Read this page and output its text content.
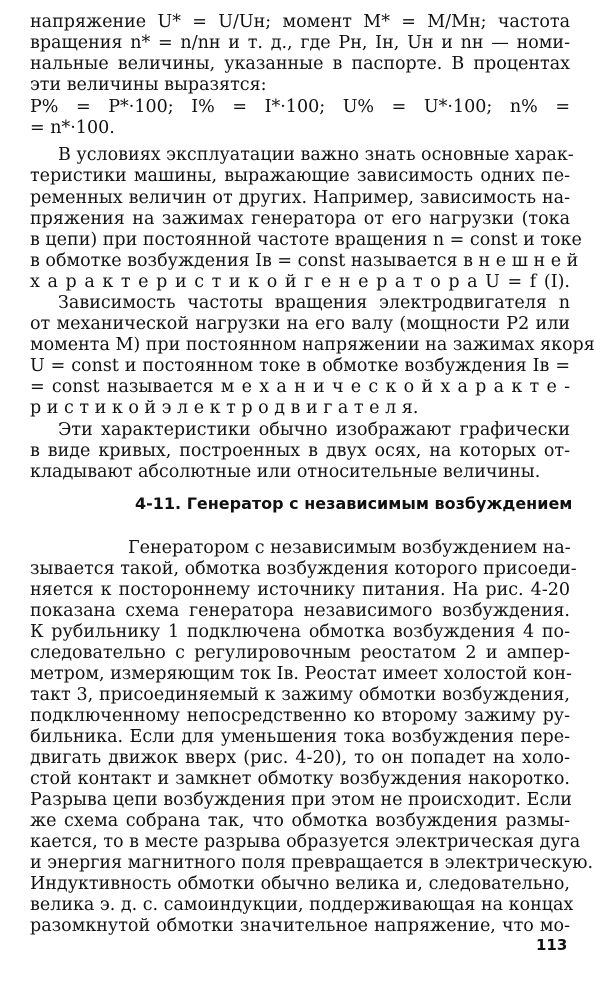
напряжение U* = U/Uн; момент M* = M/Mн; частота
вращения n* = n/nн и т. д., где Pн, Iн, Uн и nн — номи-
нальные величины, указанные в паспорте. В процентах
эти величины выразятся:
P% = P*·100; I% = I*·100; U% = U*·100; n% =
= n*·100.
В условиях эксплуатации важно знать основные харак-
теристики машины, выражающие зависимость одних пе-
ременных величин от других. Например, зависимость на-
пряжения на зажимах генератора от его нагрузки (тока
в цепи) при постоянной частоте вращения n = const и токе
в обмотке возбуждения Iв = const называется в н е ш н е й
х а р а к т е р и с т и к о й г е н е р а т о р а U = f (I).
Зависимость частоты вращения электродвигателя n
от механической нагрузки на его валу (мощности P2 или
момента M) при постоянном напряжении на зажимах якоря
U = const и постоянном токе в обмотке возбуждения Iв =
= const называется м е х а н и ч е с к о й х а р а к т е -
р и с т и к о й э л е к т р о д в и г а т е л я.
Эти характеристики обычно изображают графически
в виде кривых, построенных в двух осях, на которых от-
кладывают абсолютные или относительные величины.
4-11. Генератор с независимым возбуждением
Генератором с независимым возбуждением на-
зывается такой, обмотка возбуждения которого присоеди-
няется к постороннему источнику питания. На рис. 4-20
показана схема генератора независимого возбуждения.
К рубильнику 1 подключена обмотка возбуждения 4 по-
следовательно с регулировочным реостатом 2 и ампер-
метром, измеряющим ток Iв. Реостат имеет холостой кон-
такт 3, присоединяемый к зажиму обмотки возбуждения,
подключенному непосредственно ко второму зажиму ру-
бильника. Если для уменьшения тока возбуждения пере-
двигать движок вверх (рис. 4-20), то он попадет на холо-
стой контакт и замкнет обмотку возбуждения накоротко.
Разрыва цепи возбуждения при этом не происходит. Если
же схема собрана так, что обмотка возбуждения размы-
кается, то в месте разрыва образуется электрическая дуга
и энергия магнитного поля превращается в электрическую.
Индуктивность обмотки обычно велика и, следовательно,
велика э. д. с. самоиндукции, поддерживающая на концах
разомкнутой обмотки значительное напряжение, что мо-
113
